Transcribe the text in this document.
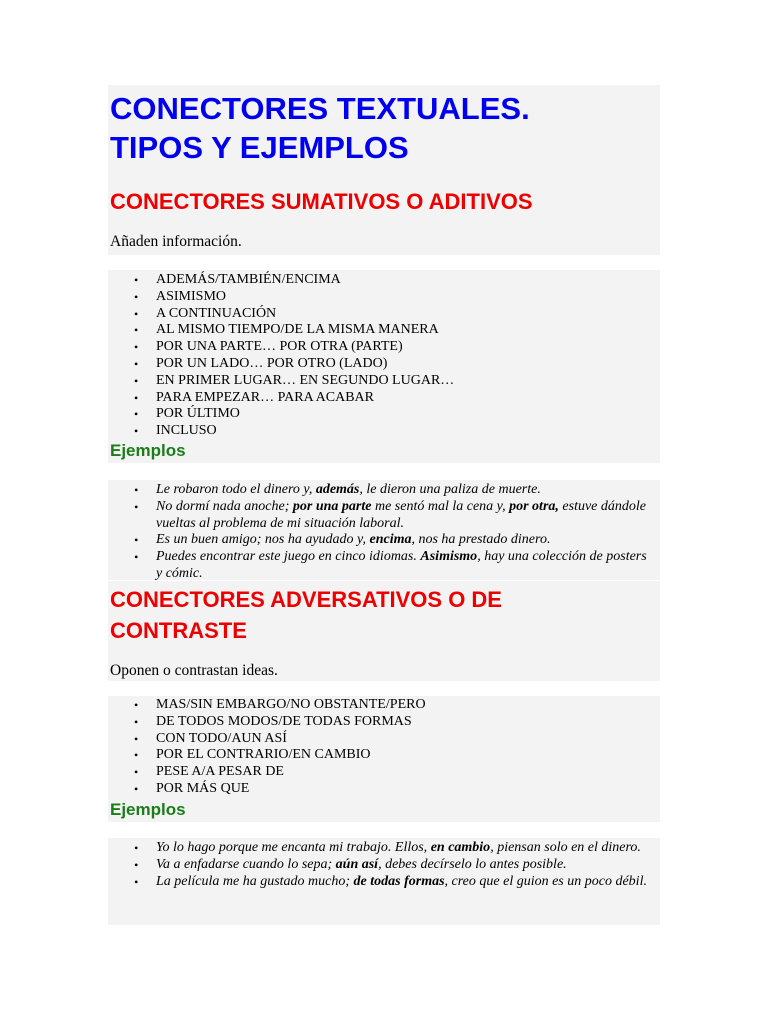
CONECTORES TEXTUALES.
TIPOS Y EJEMPLOS
CONECTORES SUMATIVOS O ADITIVOS
Añaden información.
• ADEMÁS/TAMBIÉN/ENCIMA
• ASIMISMO
• A CONTINUACIÓN
• AL MISMO TIEMPO/DE LA MISMA MANERA
• POR UNA PARTE… POR OTRA (PARTE)
• POR UN LADO… POR OTRO (LADO)
• EN PRIMER LUGAR… EN SEGUNDO LUGAR…
• PARA EMPEZAR… PARA ACABAR
• POR ÚLTIMO
• INCLUSO
Ejemplos
• Le robaron todo el dinero y, además, le dieron una paliza de muerte.
• No dormí nada anoche; por una parte me sentó mal la cena y, por otra, estuve dándole vueltas al problema de mi situación laboral.
• Es un buen amigo; nos ha ayudado y, encima, nos ha prestado dinero.
• Puedes encontrar este juego en cinco idiomas. Asimismo, hay una colección de posters y cómic.
CONECTORES ADVERSATIVOS O DE
CONTRASTE
Oponen o contrastan ideas.
• MAS/SIN EMBARGO/NO OBSTANTE/PERO
• DE TODOS MODOS/DE TODAS FORMAS
• CON TODO/AUN ASÍ
• POR EL CONTRARIO/EN CAMBIO
• PESE A/A PESAR DE
• POR MÁS QUE
Ejemplos
• Yo lo hago porque me encanta mi trabajo. Ellos, en cambio, piensan solo en el dinero.
• Va a enfadarse cuando lo sepa; aún así, debes decírselo lo antes posible.
• La película me ha gustado mucho; de todas formas, creo que el guion es un poco débil.
